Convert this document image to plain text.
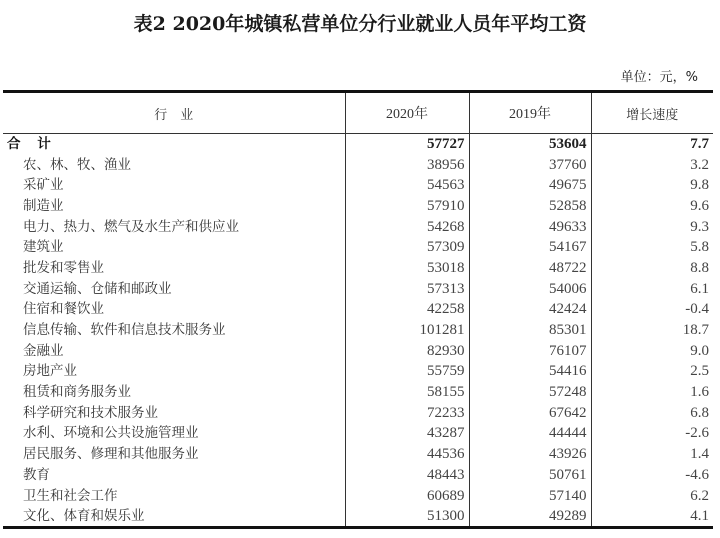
表2 2020年城镇私营单位分行业就业人员年平均工资
单位：元，%
行　业	2020年	2019年	增长速度
合 计	57727	53604	7.7
农、林、牧、渔业	38956	37760	3.2
采矿业	54563	49675	9.8
制造业	57910	52858	9.6
电力、热力、燃气及水生产和供应业	54268	49633	9.3
建筑业	57309	54167	5.8
批发和零售业	53018	48722	8.8
交通运输、仓储和邮政业	57313	54006	6.1
住宿和餐饮业	42258	42424	-0.4
信息传输、软件和信息技术服务业	101281	85301	18.7
金融业	82930	76107	9.0
房地产业	55759	54416	2.5
租赁和商务服务业	58155	57248	1.6
科学研究和技术服务业	72233	67642	6.8
水利、环境和公共设施管理业	43287	44444	-2.6
居民服务、修理和其他服务业	44536	43926	1.4
教育	48443	50761	-4.6
卫生和社会工作	60689	57140	6.2
文化、体育和娱乐业	51300	49289	4.1
